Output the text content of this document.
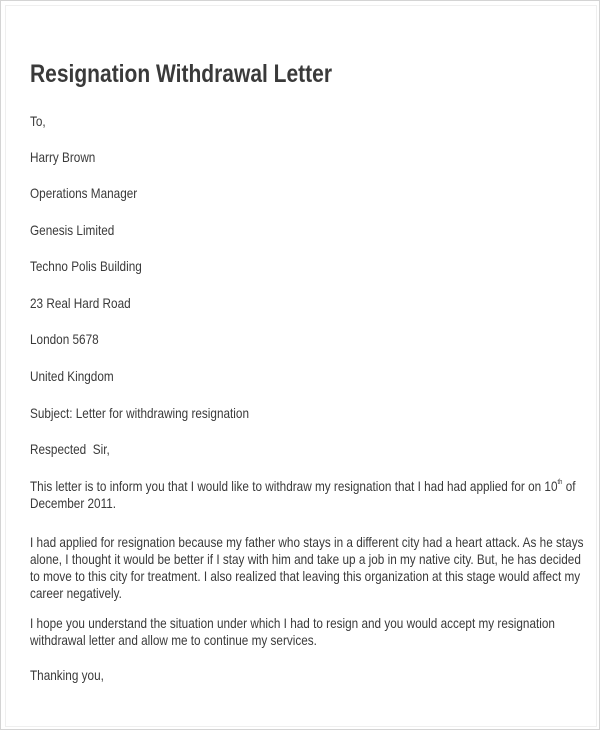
Resignation Withdrawal Letter
To,
Harry Brown
Operations Manager
Genesis Limited
Techno Polis Building
23 Real Hard Road
London 5678
United Kingdom
Subject: Letter for withdrawing resignation
Respected  Sir,
This letter is to inform you that I would like to withdraw my resignation that I had had applied for on 10th of
December 2011.
I had applied for resignation because my father who stays in a different city had a heart attack. As he stays
alone, I thought it would be better if I stay with him and take up a job in my native city. But, he has decided
to move to this city for treatment. I also realized that leaving this organization at this stage would affect my
career negatively.
I hope you understand the situation under which I had to resign and you would accept my resignation
withdrawal letter and allow me to continue my services.
Thanking you,
